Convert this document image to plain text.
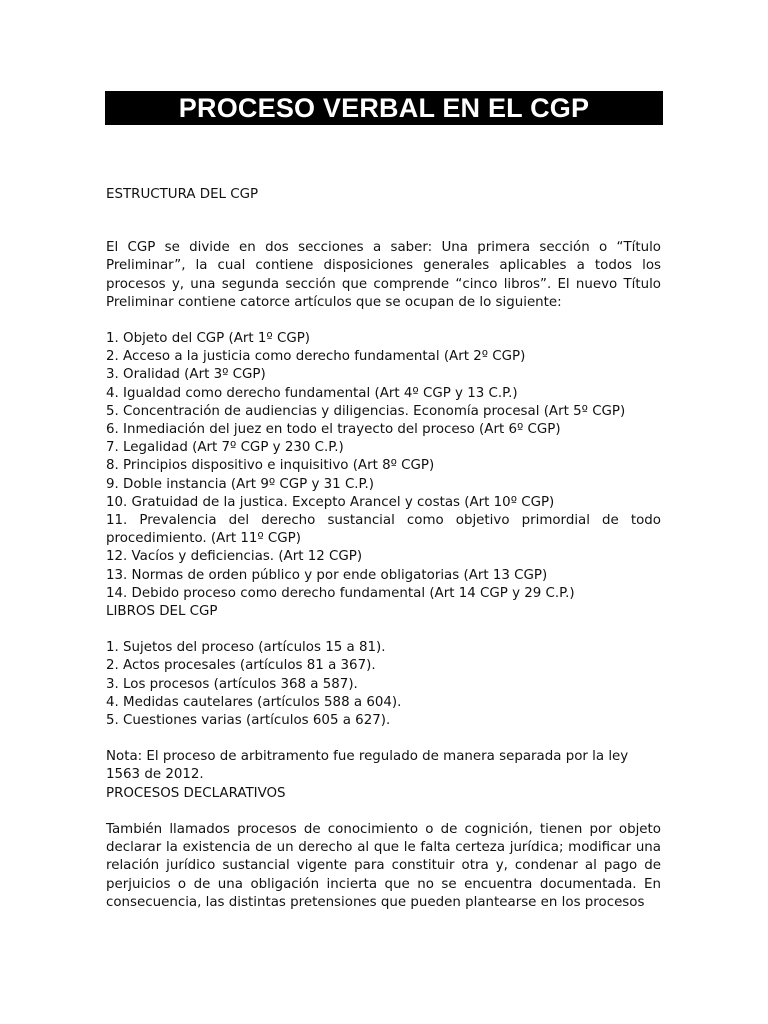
PROCESO VERBAL EN EL CGP

ESTRUCTURA DEL CGP

El CGP se divide en dos secciones a saber: Una primera sección o “Título Preliminar”, la cual contiene disposiciones generales aplicables a todos los procesos y, una segunda sección que comprende “cinco libros”. El nuevo Título Preliminar contiene catorce artículos que se ocupan de lo siguiente:

1. Objeto del CGP (Art 1º CGP)
2. Acceso a la justicia como derecho fundamental (Art 2º CGP)
3. Oralidad (Art 3º CGP)
4. Igualdad como derecho fundamental (Art 4º CGP y 13 C.P.)
5. Concentración de audiencias y diligencias. Economía procesal (Art 5º CGP)
6. Inmediación del juez en todo el trayecto del proceso (Art 6º CGP)
7. Legalidad (Art 7º CGP y 230 C.P.)
8. Principios dispositivo e inquisitivo (Art 8º CGP)
9. Doble instancia (Art 9º CGP y 31 C.P.)
10. Gratuidad de la justica. Excepto Arancel y costas (Art 10º CGP)
11. Prevalencia del derecho sustancial como objetivo primordial de todo procedimiento. (Art 11º CGP)
12. Vacíos y deficiencias. (Art 12 CGP)
13. Normas de orden público y por ende obligatorias (Art 13 CGP)
14. Debido proceso como derecho fundamental (Art 14 CGP y 29 C.P.)

LIBROS DEL CGP

1. Sujetos del proceso (artículos 15 a 81).
2. Actos procesales (artículos 81 a 367).
3. Los procesos (artículos 368 a 587).
4. Medidas cautelares (artículos 588 a 604).
5. Cuestiones varias (artículos 605 a 627).

Nota: El proceso de arbitramento fue regulado de manera separada por la ley 1563 de 2012.

PROCESOS DECLARATIVOS

También llamados procesos de conocimiento o de cognición, tienen por objeto declarar la existencia de un derecho al que le falta certeza jurídica; modificar una relación jurídico sustancial vigente para constituir otra y, condenar al pago de perjuicios o de una obligación incierta que no se encuentra documentada. En consecuencia, las distintas pretensiones que pueden plantearse en los procesos
